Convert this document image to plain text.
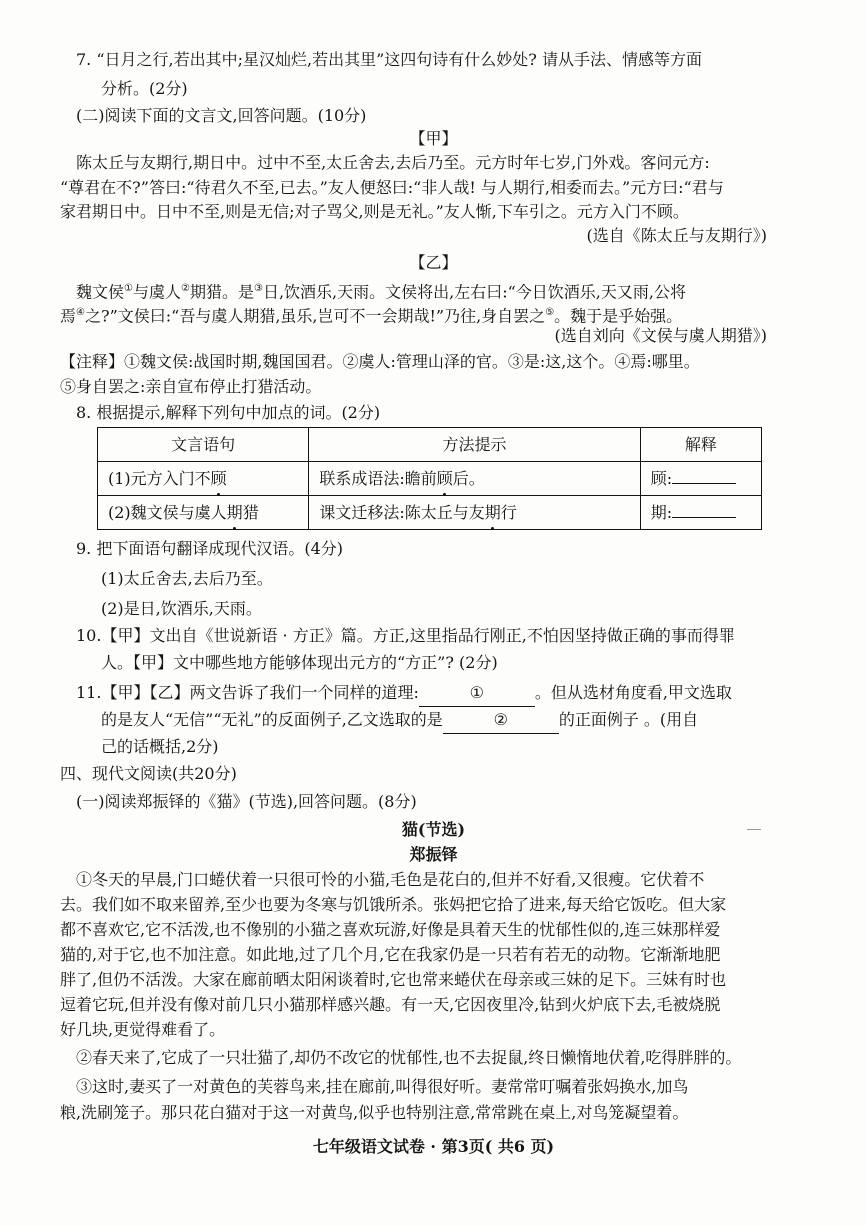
7. “日月之行,若出其中;星汉灿烂,若出其里”这四句诗有什么妙处? 请从手法、情感等方面
分析。(2分)
(二)阅读下面的文言文,回答问题。(10分)
【甲】
陈太丘与友期行,期日中。过中不至,太丘舍去,去后乃至。元方时年七岁,门外戏。客问元方:
“尊君在不?”答曰:“待君久不至,已去。”友人便怒曰:“非人哉! 与人期行,相委而去。”元方曰:“君与
家君期日中。日中不至,则是无信;对子骂父,则是无礼。”友人惭,下车引之。元方入门不顾。
(选自《陈太丘与友期行》)
【乙】
魏文侯①与虞人②期猎。是③日,饮酒乐,天雨。文侯将出,左右曰:“今日饮酒乐,天又雨,公将
焉④之?”文侯曰:“吾与虞人期猎,虽乐,岂可不一会期哉!”乃往,身自罢之⑤。魏于是乎始强。
(选自刘向《文侯与虞人期猎》)
【注释】①魏文侯:战国时期,魏国国君。②虞人:管理山泽的官。③是:这,这个。④焉:哪里。
⑤身自罢之:亲自宣布停止打猎活动。
8. 根据提示,解释下列句中加点的词。(2分)
文言语句	方法提示	解释
(1)元方入门不顾	联系成语法:瞻前顾后。	顾:
(2)魏文侯与虞人期猎	课文迁移法:陈太丘与友期行	期:
9. 把下面语句翻译成现代汉语。(4分)
(1)太丘舍去,去后乃至。
(2)是日,饮酒乐,天雨。
10.【甲】文出自《世说新语 · 方正》篇。方正,这里指品行刚正,不怕因坚持做正确的事而得罪
人。【甲】文中哪些地方能够体现出元方的“方正”? (2分)
11.【甲】【乙】两文告诉了我们一个同样的道理:	①	。但从选材角度看,甲文选取
的是友人“无信”“无礼”的反面例子,乙文选取的是	②	的正面例子 。(用自
己的话概括,2分)
四、现代文阅读(共20分)
(一)阅读郑振铎的《猫》(节选),回答问题。(8分)
猫(节选)
郑振铎
①冬天的早晨,门口蜷伏着一只很可怜的小猫,毛色是花白的,但并不好看,又很瘦。它伏着不
去。我们如不取来留养,至少也要为冬寒与饥饿所杀。张妈把它拾了进来,每天给它饭吃。但大家
都不喜欢它,它不活泼,也不像别的小猫之喜欢玩游,好像是具着天生的忧郁性似的,连三妹那样爱
猫的,对于它,也不加注意。如此地,过了几个月,它在我家仍是一只若有若无的动物。它渐渐地肥
胖了,但仍不活泼。大家在廊前晒太阳闲谈着时,它也常来蜷伏在母亲或三妹的足下。三妹有时也
逗着它玩,但并没有像对前几只小猫那样感兴趣。有一天,它因夜里冷,钻到火炉底下去,毛被烧脱
好几块,更觉得难看了。
②春天来了,它成了一只壮猫了,却仍不改它的忧郁性,也不去捉鼠,终日懒惰地伏着,吃得胖胖的。
③这时,妻买了一对黄色的芙蓉鸟来,挂在廊前,叫得很好听。妻常常叮嘱着张妈换水,加鸟
粮,洗刷笼子。那只花白猫对于这一对黄鸟,似乎也特别注意,常常跳在桌上,对鸟笼凝望着。
七年级语文试卷 · 第3页( 共6 页)
